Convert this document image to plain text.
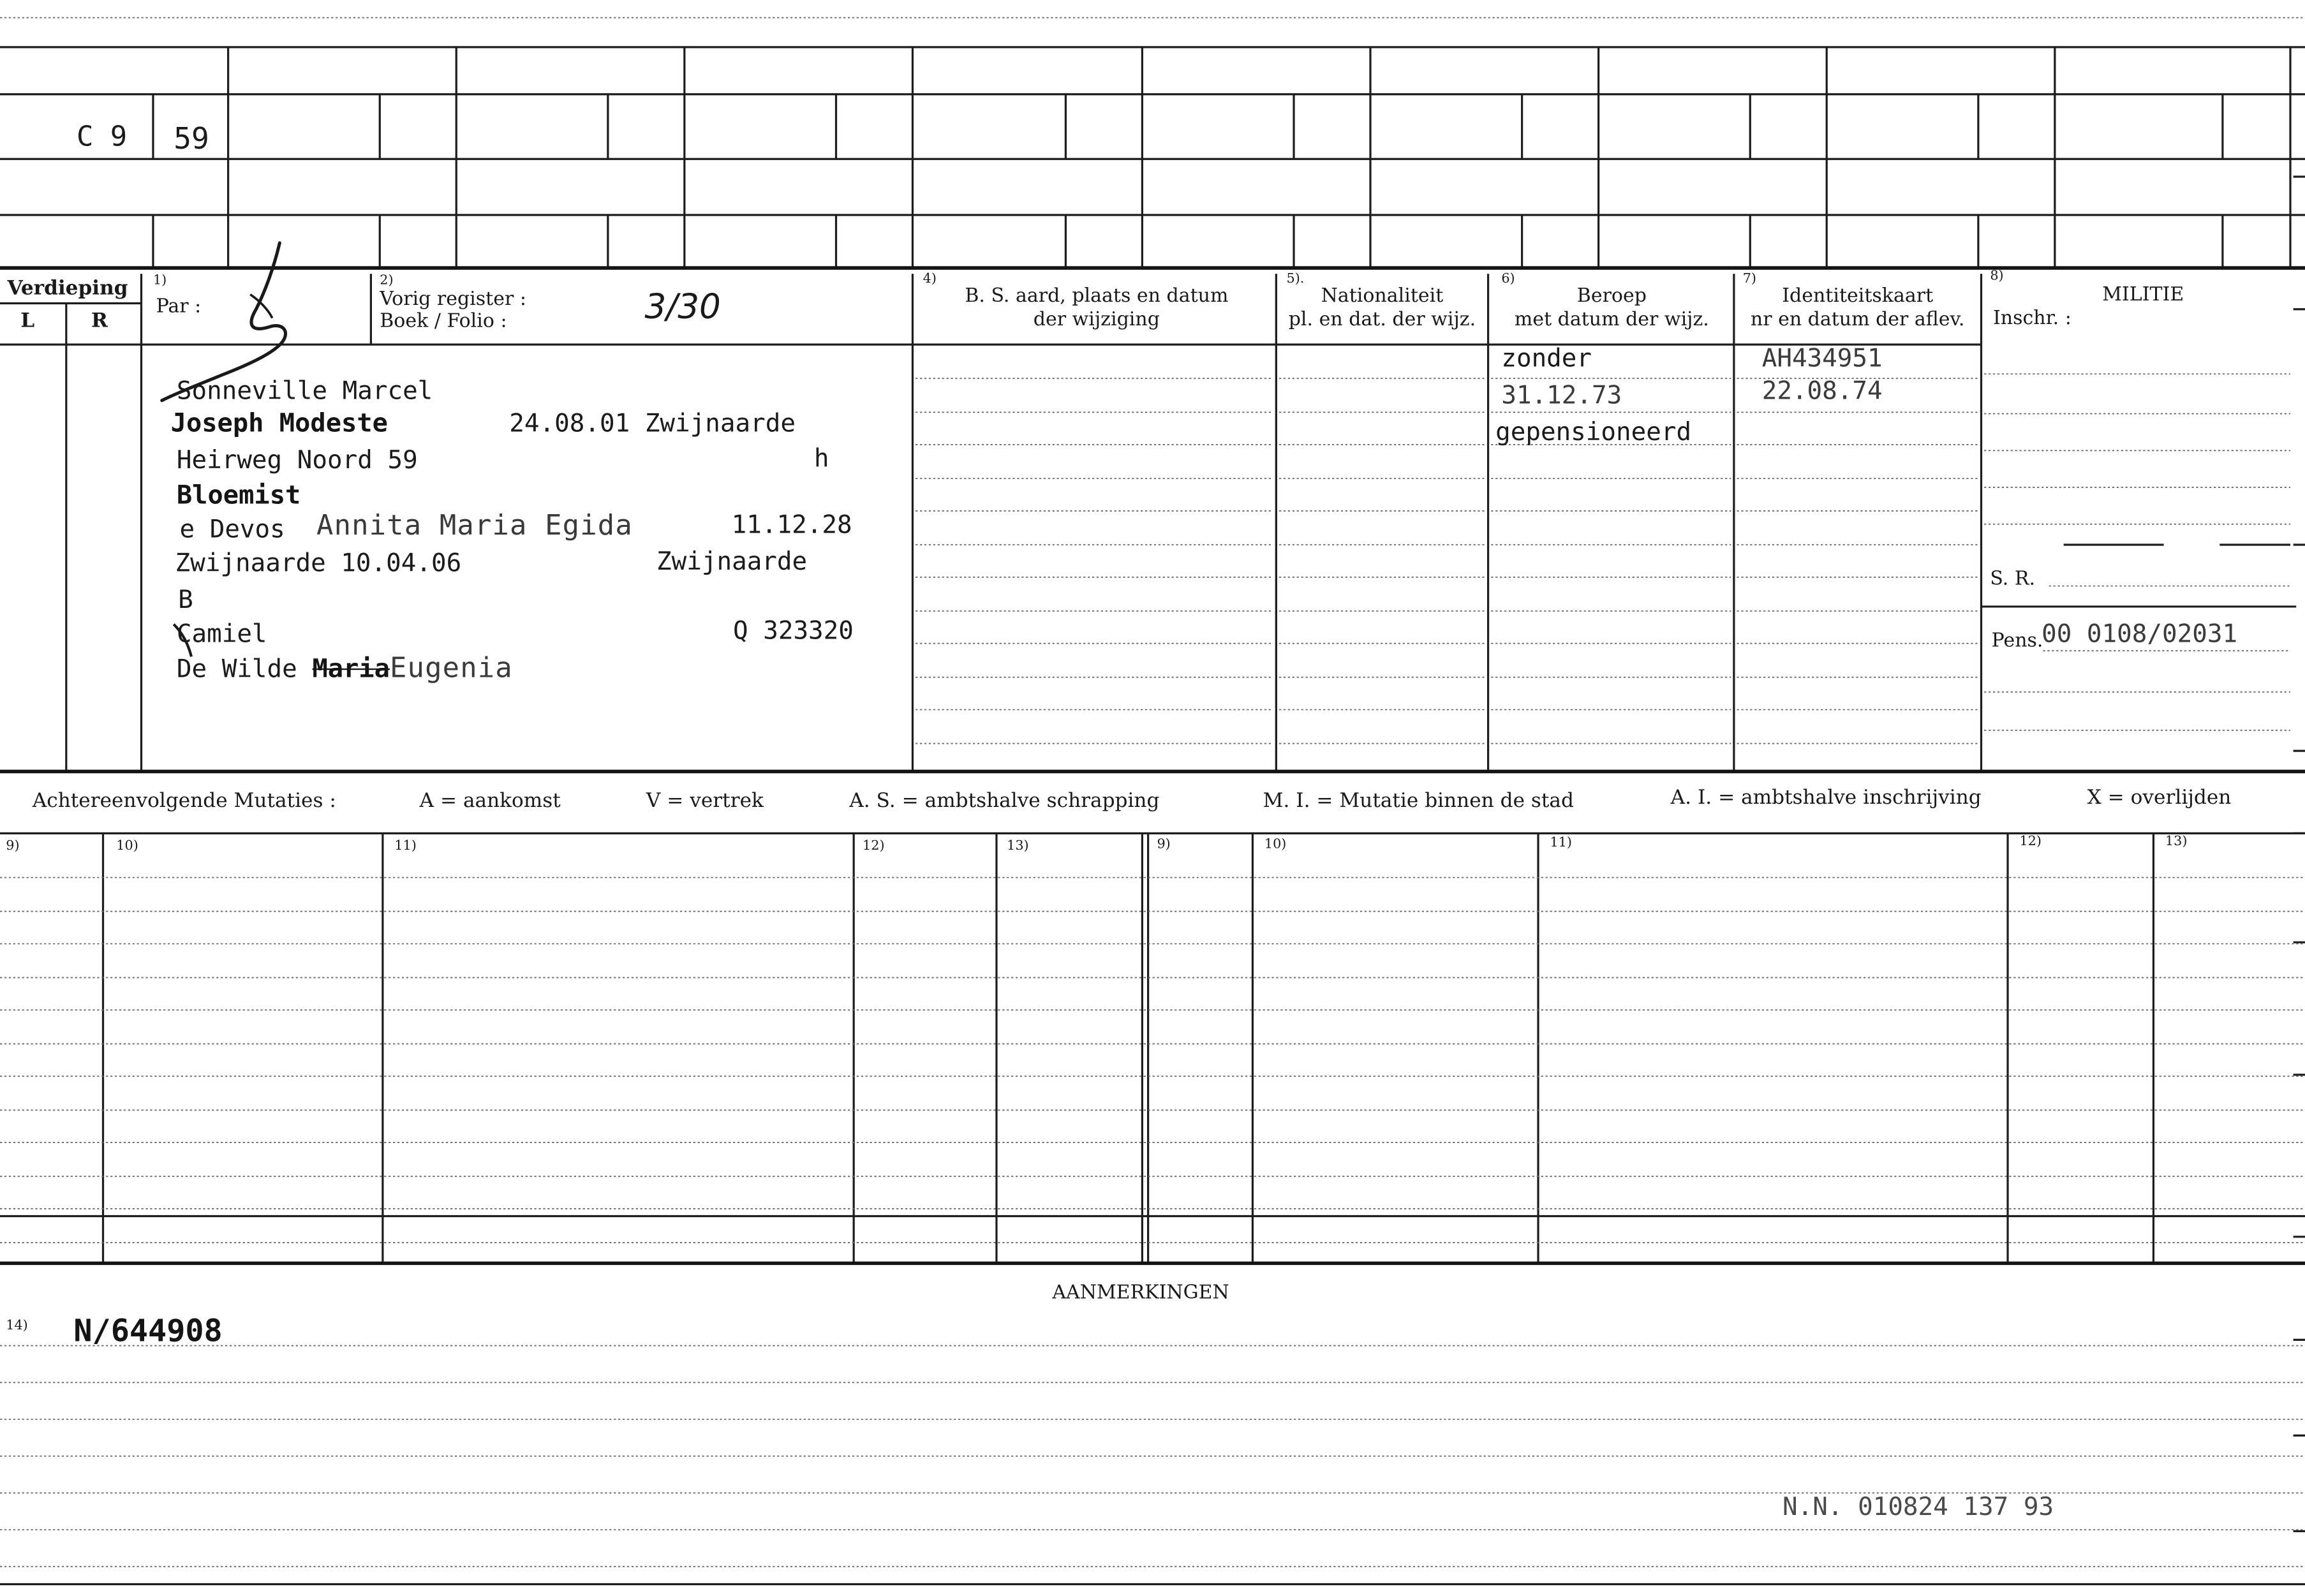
C 9	59
Verdieping
L	R
1)
Par :
2)
Vorig register :
Boek / Folio :	3/30
4)
B. S. aard, plaats en datum
der wijziging
5).
Nationaliteit
pl. en dat. der wijz.
6)
Beroep
met datum der wijz.
7)
Identiteitskaart
nr en datum der aflev.
8)
MILITIE
Inschr. :
Sonneville Marcel
Joseph Modeste	24.08.01 Zwijnaarde
Heirweg Noord 59	h
Bloemist
e Devos	Annita Maria Egida	11.12.28
Zwijnaarde 10.04.06	Zwijnaarde
B
Camiel	Q 323320
De Wilde MariaEugenia
zonder
31.12.73
gepensioneerd
AH434951
22.08.74
S. R.
Pens.
00 0108/02031
Achtereenvolgende Mutaties :	A = aankomst	V = vertrek	A. S. = ambtshalve schrapping	M. I. = Mutatie binnen de stad	A. I. = ambtshalve inschrijving	X = overlijden
9)	10)	11)	12)	13)	9)	10)	11)	12)	13)
AANMERKINGEN
14)	N/644908
N.N. 010824 137 93
